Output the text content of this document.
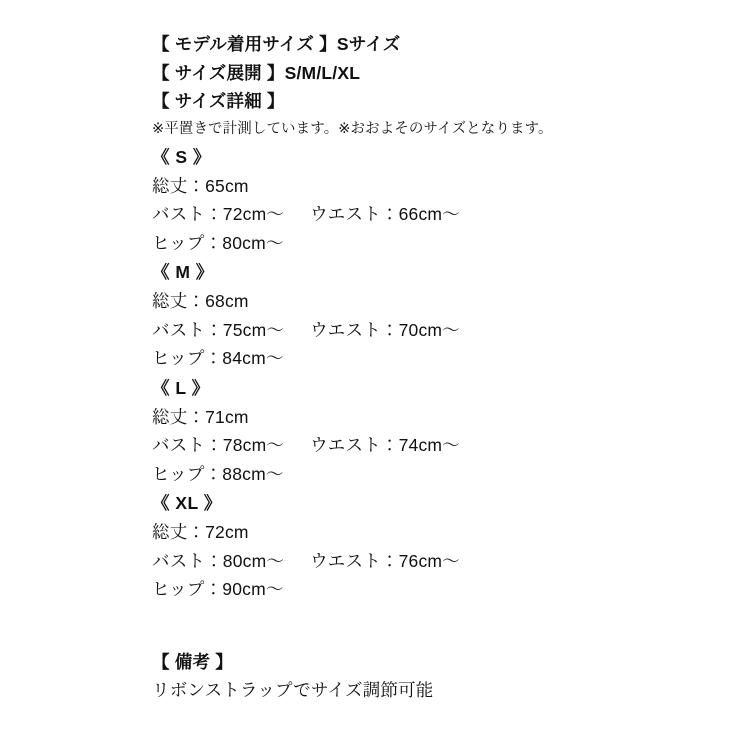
【 モデル着用サイズ 】Sサイズ
【 サイズ展開 】S/M/L/XL
【 サイズ詳細 】
※平置きで計測しています。※おおよそのサイズとなります。
《 S 》
総丈：65cm
バスト：72cm〜 ウエスト：66cm〜
ヒップ：80cm〜
《 M 》
総丈：68cm
バスト：75cm〜 ウエスト：70cm〜
ヒップ：84cm〜
《 L 》
総丈：71cm
バスト：78cm〜 ウエスト：74cm〜
ヒップ：88cm〜
《 XL 》
総丈：72cm
バスト：80cm〜 ウエスト：76cm〜
ヒップ：90cm〜
【 備考 】
リボンストラップでサイズ調節可能
